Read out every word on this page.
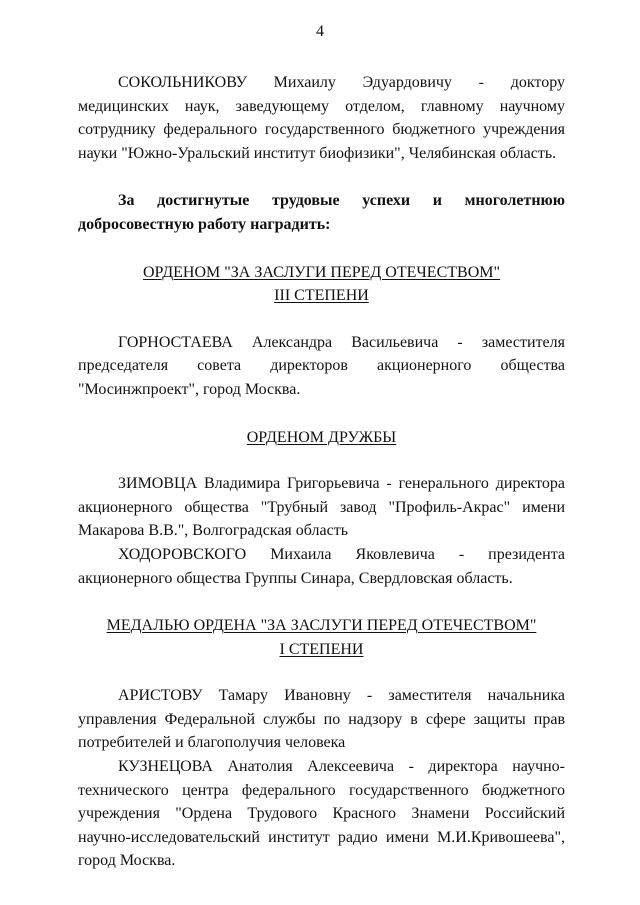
4

СОКОЛЬНИКОВУ Михаилу Эдуардовичу - доктору медицинских наук, заведующему отделом, главному научному сотруднику федерального государственного бюджетного учреждения науки "Южно-Уральский институт биофизики", Челябинская область.

За достигнутые трудовые успехи и многолетнюю добросовестную работу наградить:

ОРДЕНОМ "ЗА ЗАСЛУГИ ПЕРЕД ОТЕЧЕСТВОМ"

III СТЕПЕНИ

ГОРНОСТАЕВА Александра Васильевича - заместителя председателя совета директоров акционерного общества "Мосинжпроект", город Москва.

ОРДЕНОМ ДРУЖБЫ

ЗИМОВЦА Владимира Григорьевича - генерального директора акционерного общества "Трубный завод "Профиль-Акрас" имени Макарова В.В.", Волгоградская область

ХОДОРОВСКОГО Михаила Яковлевича - президента акционерного общества Группы Синара, Свердловская область.

МЕДАЛЬЮ ОРДЕНА "ЗА ЗАСЛУГИ ПЕРЕД ОТЕЧЕСТВОМ"

I СТЕПЕНИ

АРИСТОВУ Тамару Ивановну - заместителя начальника управления Федеральной службы по надзору в сфере защиты прав потребителей и благополучия человека

КУЗНЕЦОВА Анатолия Алексеевича - директора научно-технического центра федерального государственного бюджетного учреждения "Ордена Трудового Красного Знамени Российский научно-исследовательский институт радио имени М.И.Кривошеева", город Москва.
